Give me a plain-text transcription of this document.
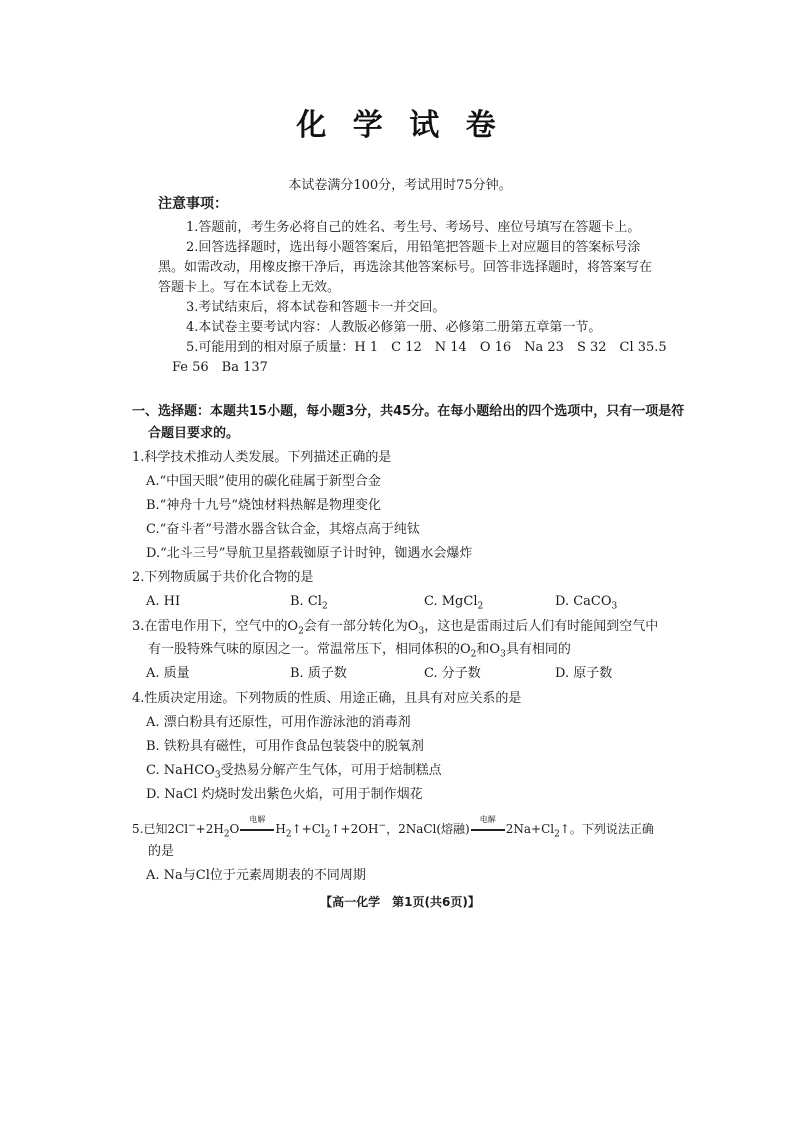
化 学 试 卷
本试卷满分100分，考试用时75分钟。
注意事项：
1.答题前，考生务必将自己的姓名、考生号、考场号、座位号填写在答题卡上。
2.回答选择题时，选出每小题答案后，用铅笔把答题卡上对应题目的答案标号涂
黑。如需改动，用橡皮擦干净后，再选涂其他答案标号。回答非选择题时，将答案写在
答题卡上。写在本试卷上无效。
3.考试结束后，将本试卷和答题卡一并交回。
4.本试卷主要考试内容：人教版必修第一册、必修第二册第五章第一节。
5.可能用到的相对原子质量：H 1　C 12　N 14　O 16　Na 23　S 32　Cl 35.5
Fe 56　Ba 137
一、选择题：本题共15小题，每小题3分，共45分。在每小题给出的四个选项中，只有一项是符
合题目要求的。
1.科学技术推动人类发展。下列描述正确的是
A.“中国天眼”使用的碳化硅属于新型合金
B.“神舟十九号”烧蚀材料热解是物理变化
C.“奋斗者”号潜水器含钛合金，其熔点高于纯钛
D.“北斗三号”导航卫星搭载铷原子计时钟，铷遇水会爆炸
2.下列物质属于共价化合物的是
A. HI	B. $Cl_2$	C. MgCl$_2$	D. CaCO$_3$
3.在雷电作用下，空气中的$O_2$会有一部分转化为$O_3$，这也是雷雨过后人们有时能闻到空气中
有一股特殊气味的原因之一。常温常压下，相同体积的$O_2$和$O_3$具有相同的
A. 质量	B. 质子数	C. 分子数	D. 原子数
4.性质决定用途。下列物质的性质、用途正确，且具有对应关系的是
A. 漂白粉具有还原性，可用作游泳池的消毒剂
B. 铁粉具有磁性，可用作食品包装袋中的脱氧剂
C. NaHCO$_3$受热易分解产生气体，可用于焙制糕点
D. NaCl 灼烧时发出紫色火焰，可用于制作烟花
5.已知$2Cl^-+2H_2O$
电解
$H_2↑+Cl_2↑+2OH^-$，2NaCl(熔融)
电解
$2Na+Cl_2↑$。下列说法正确
的是
A. Na与Cl位于元素周期表的不同周期
【高一化学　第1页(共6页)】
